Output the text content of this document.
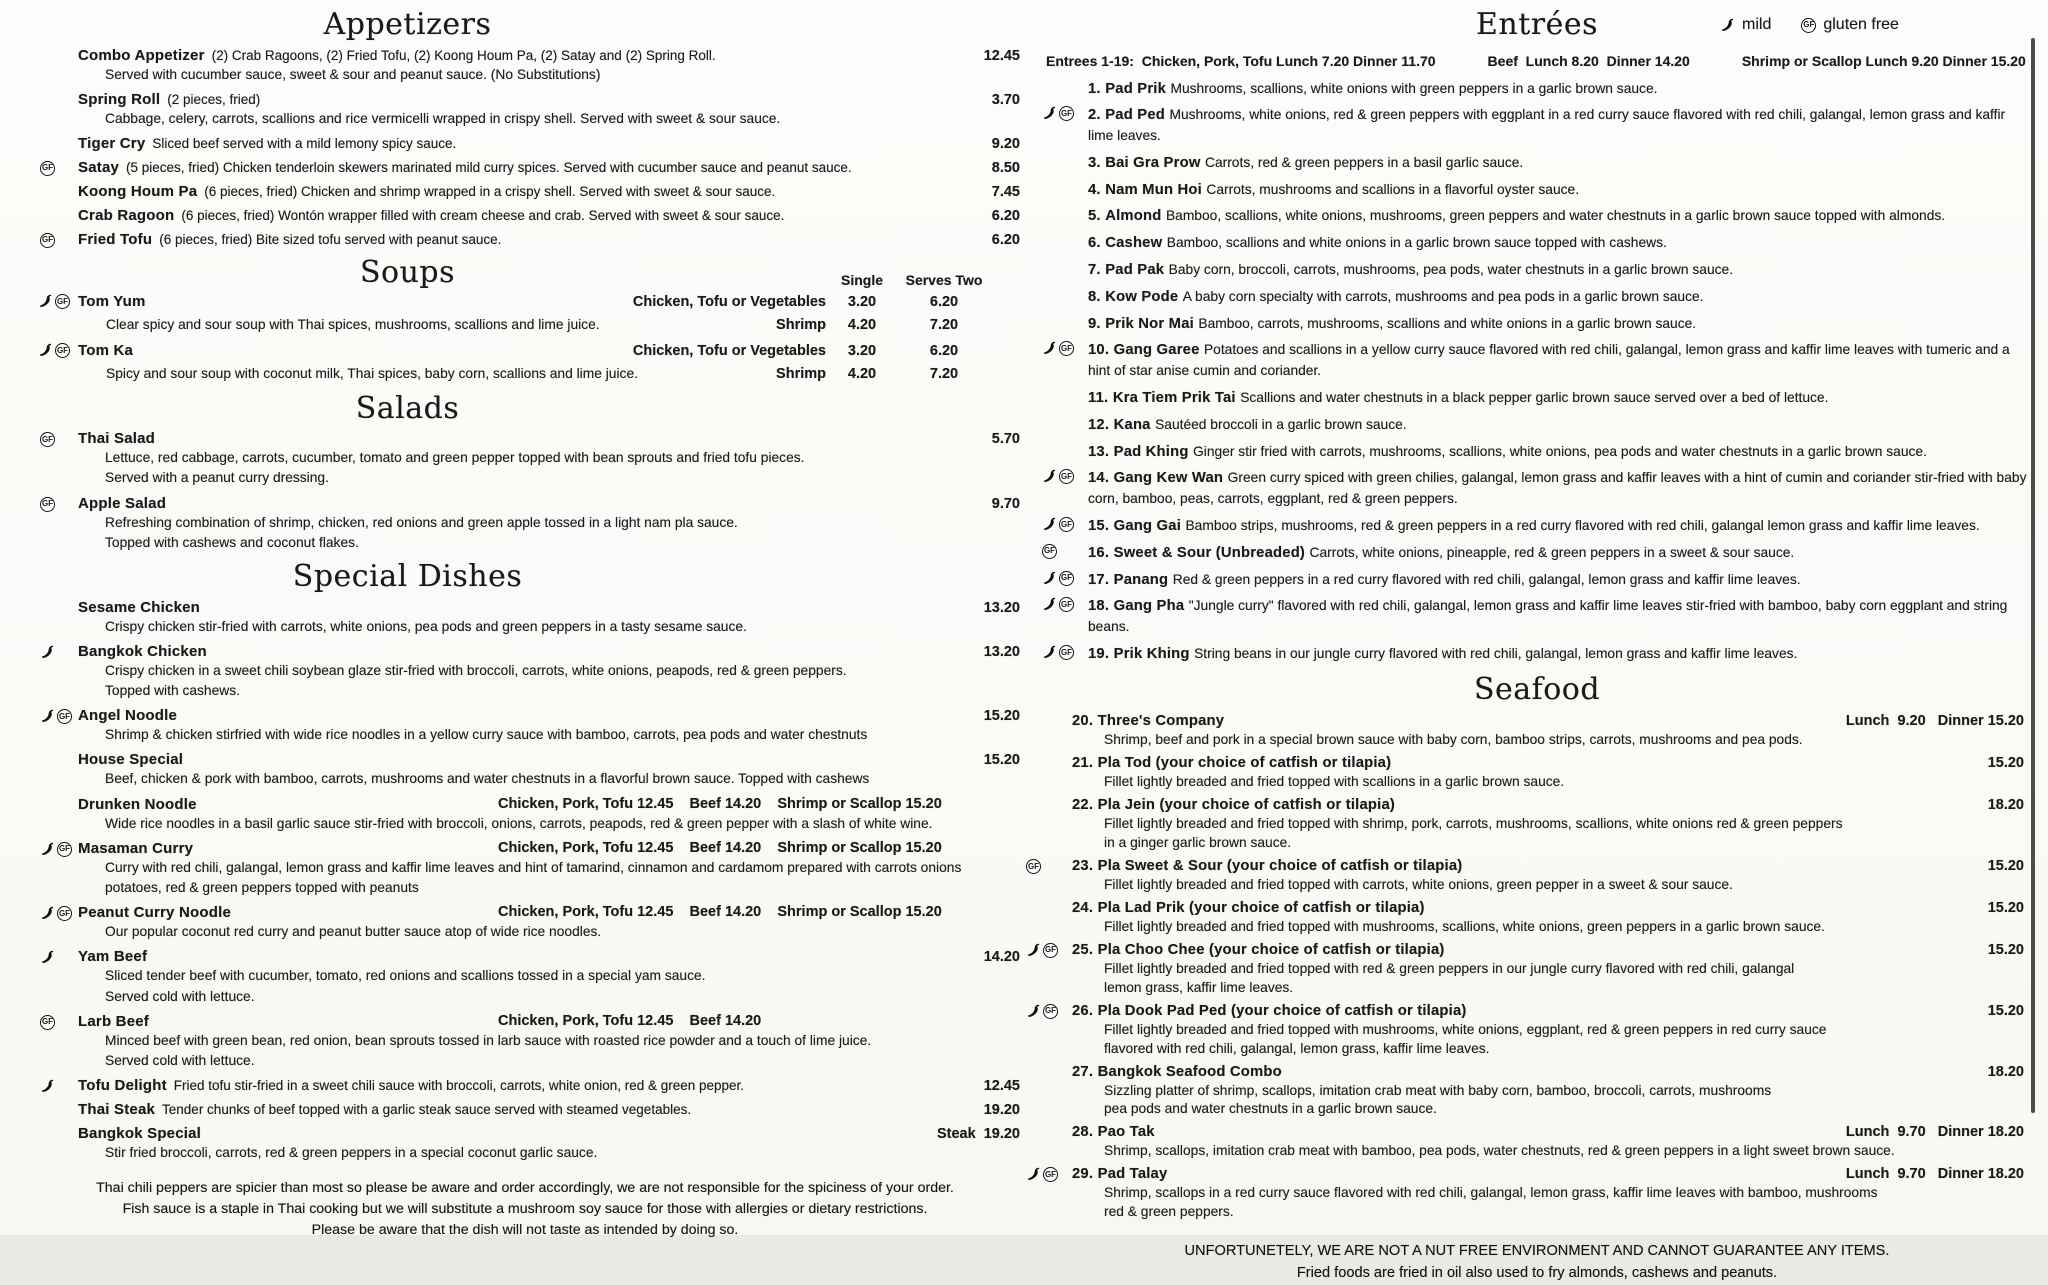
Appetizers
Combo Appetizer (2) Crab Ragoons, (2) Fried Tofu, (2) Koong Houm Pa, (2) Satay and (2) Spring Roll.	12.45
Served with cucumber sauce, sweet & sour and peanut sauce. (No Substitutions)
Spring Roll (2 pieces, fried)	3.70
Cabbage, celery, carrots, scallions and rice vermicelli wrapped in crispy shell. Served with sweet & sour sauce.
Tiger Cry Sliced beef served with a mild lemony spicy sauce.	9.20
GF Satay (5 pieces, fried) Chicken tenderloin skewers marinated mild curry spices. Served with cucumber sauce and peanut sauce.	8.50
Koong Houm Pa (6 pieces, fried) Chicken and shrimp wrapped in a crispy shell. Served with sweet & sour sauce.	7.45
Crab Ragoon (6 pieces, fried) Wontón wrapper filled with cream cheese and crab. Served with sweet & sour sauce.	6.20
GF Fried Tofu (6 pieces, fried) Bite sized tofu served with peanut sauce.	6.20
Soups	Single	Serves Two
GF Tom Yum	Chicken, Tofu or Vegetables	3.20	6.20
Clear spicy and sour soup with Thai spices, mushrooms, scallions and lime juice.	Shrimp	4.20	7.20
GF Tom Ka	Chicken, Tofu or Vegetables	3.20	6.20
Spicy and sour soup with coconut milk, Thai spices, baby corn, scallions and lime juice.	Shrimp	4.20	7.20
Salads
GF Thai Salad	5.70
Lettuce, red cabbage, carrots, cucumber, tomato and green pepper topped with bean sprouts and fried tofu pieces.
Served with a peanut curry dressing.
GF Apple Salad	9.70
Refreshing combination of shrimp, chicken, red onions and green apple tossed in a light nam pla sauce.
Topped with cashews and coconut flakes.
Special Dishes
Sesame Chicken	13.20
Crispy chicken stir-fried with carrots, white onions, pea pods and green peppers in a tasty sesame sauce.
Bangkok Chicken	13.20
Crispy chicken in a sweet chili soybean glaze stir-fried with broccoli, carrots, white onions, peapods, red & green peppers.
Topped with cashews.
GF Angel Noodle	15.20
Shrimp & chicken stirfried with wide rice noodles in a yellow curry sauce with bamboo, carrots, pea pods and water chestnuts
House Special	15.20
Beef, chicken & pork with bamboo, carrots, mushrooms and water chestnuts in a flavorful brown sauce. Topped with cashews
Drunken Noodle	Chicken, Pork, Tofu 12.45    Beef 14.20    Shrimp or Scallop 15.20
Wide rice noodles in a basil garlic sauce stir-fried with broccoli, onions, carrots, peapods, red & green pepper with a slash of white wine.
GF Masaman Curry	Chicken, Pork, Tofu 12.45    Beef 14.20    Shrimp or Scallop 15.20
Curry with red chili, galangal, lemon grass and kaffir lime leaves and hint of tamarind, cinnamon and cardamom prepared with carrots onions
potatoes, red & green peppers topped with peanuts
GF Peanut Curry Noodle	Chicken, Pork, Tofu 12.45    Beef 14.20    Shrimp or Scallop 15.20
Our popular coconut red curry and peanut butter sauce atop of wide rice noodles.
Yam Beef	14.20
Sliced tender beef with cucumber, tomato, red onions and scallions tossed in a special yam sauce.
Served cold with lettuce.
GF Larb Beef	Chicken, Pork, Tofu 12.45    Beef 14.20
Minced beef with green bean, red onion, bean sprouts tossed in larb sauce with roasted rice powder and a touch of lime juice.
Served cold with lettuce.
Tofu Delight Fried tofu stir-fried in a sweet chili sauce with broccoli, carrots, white onion, red & green pepper.	12.45
Thai Steak Tender chunks of beef topped with a garlic steak sauce served with steamed vegetables.	19.20
Bangkok Special	Steak  19.20
Stir fried broccoli, carrots, red & green peppers in a special coconut garlic sauce.
Thai chili peppers are spicier than most so please be aware and order accordingly, we are not responsible for the spiciness of your order.
Fish sauce is a staple in Thai cooking but we will substitute a mushroom soy sauce for those with allergies or dietary restrictions.
Please be aware that the dish will not taste as intended by doing so.
Entrées
Entrees 1-19:  Chicken, Pork, Tofu Lunch 7.20 Dinner 11.70	Beef  Lunch 8.20  Dinner 14.20	Shrimp or Scallop Lunch 9.20 Dinner 15.20
1. Pad Prik Mushrooms, scallions, white onions with green peppers in a garlic brown sauce.
GF 2. Pad Ped Mushrooms, white onions, red & green peppers with eggplant in a red curry sauce flavored with red chili, galangal, lemon grass and kaffir lime leaves.
3. Bai Gra Prow Carrots, red & green peppers in a basil garlic sauce.
4. Nam Mun Hoi Carrots, mushrooms and scallions in a flavorful oyster sauce.
5. Almond Bamboo, scallions, white onions, mushrooms, green peppers and water chestnuts in a garlic brown sauce topped with almonds.
6. Cashew Bamboo, scallions and white onions in a garlic brown sauce topped with cashews.
7. Pad Pak Baby corn, broccoli, carrots, mushrooms, pea pods, water chestnuts in a garlic brown sauce.
8. Kow Pode A baby corn specialty with carrots, mushrooms and pea pods in a garlic brown sauce.
9. Prik Nor Mai Bamboo, carrots, mushrooms, scallions and white onions in a garlic brown sauce.
GF 10. Gang Garee Potatoes and scallions in a yellow curry sauce flavored with red chili, galangal, lemon grass and kaffir lime leaves with tumeric and a hint of star anise cumin and coriander.
11. Kra Tiem Prik Tai Scallions and water chestnuts in a black pepper garlic brown sauce served over a bed of lettuce.
12. Kana Sautéed broccoli in a garlic brown sauce.
13. Pad Khing Ginger stir fried with carrots, mushrooms, scallions, white onions, pea pods and water chestnuts in a garlic brown sauce.
GF 14. Gang Kew Wan Green curry spiced with green chilies, galangal, lemon grass and kaffir leaves with a hint of cumin and coriander stir-fried with baby corn, bamboo, peas, carrots, eggplant, red & green peppers.
GF 15. Gang Gai Bamboo strips, mushrooms, red & green peppers in a red curry flavored with red chili, galangal lemon grass and kaffir lime leaves.
GF 16. Sweet & Sour (Unbreaded) Carrots, white onions, pineapple, red & green peppers in a sweet & sour sauce.
GF 17. Panang Red & green peppers in a red curry flavored with red chili, galangal, lemon grass and kaffir lime leaves.
GF 18. Gang Pha "Jungle curry" flavored with red chili, galangal, lemon grass and kaffir lime leaves stir-fried with bamboo, baby corn eggplant and string beans.
GF 19. Prik Khing String beans in our jungle curry flavored with red chili, galangal, lemon grass and kaffir lime leaves.
Seafood
20.
Three's Company	Lunch  9.20   Dinner 15.20
Shrimp, beef and pork in a special brown sauce with baby corn, bamboo strips, carrots, mushrooms and pea pods.
21.
Pla Tod (your choice of catfish or tilapia)	15.20
Fillet lightly breaded and fried topped with scallions in a garlic brown sauce.
22.
Pla Jein (your choice of catfish or tilapia)	18.20
Fillet lightly breaded and fried topped with shrimp, pork, carrots, mushrooms, scallions, white onions red & green peppers
in a ginger garlic brown sauce.
GF 23.
Pla Sweet & Sour (your choice of catfish or tilapia)	15.20
Fillet lightly breaded and fried topped with carrots, white onions, green pepper in a sweet & sour sauce.
24.
Pla Lad Prik (your choice of catfish or tilapia)	15.20
Fillet lightly breaded and fried topped with mushrooms, scallions, white onions, green peppers in a garlic brown sauce.
GF 25.
Pla Choo Chee (your choice of catfish or tilapia)	15.20
Fillet lightly breaded and fried topped with red & green peppers in our jungle curry flavored with red chili, galangal
lemon grass, kaffir lime leaves.
GF 26.
Pla Dook Pad Ped (your choice of catfish or tilapia)	15.20
Fillet lightly breaded and fried topped with mushrooms, white onions, eggplant, red & green peppers in red curry sauce
flavored with red chili, galangal, lemon grass, kaffir lime leaves.
27.
Bangkok Seafood Combo	18.20
Sizzling platter of shrimp, scallops, imitation crab meat with baby corn, bamboo, broccoli, carrots, mushrooms
pea pods and water chestnuts in a garlic brown sauce.
28.
Pao Tak	Lunch  9.70   Dinner 18.20
Shrimp, scallops, imitation crab meat with bamboo, pea pods, water chestnuts, red & green peppers in a light sweet brown sauce.
GF 29.
Pad Talay	Lunch  9.70   Dinner 18.20
Shrimp, scallops in a red curry sauce flavored with red chili, galangal, lemon grass, kaffir lime leaves with bamboo, mushrooms
red & green peppers.
UNFORTUNETELY, WE ARE NOT A NUT FREE ENVIRONMENT AND CANNOT GUARANTEE ANY ITEMS.
Fried foods are fried in oil also used to fry almonds, cashews and peanuts.
mild	GF gluten free
